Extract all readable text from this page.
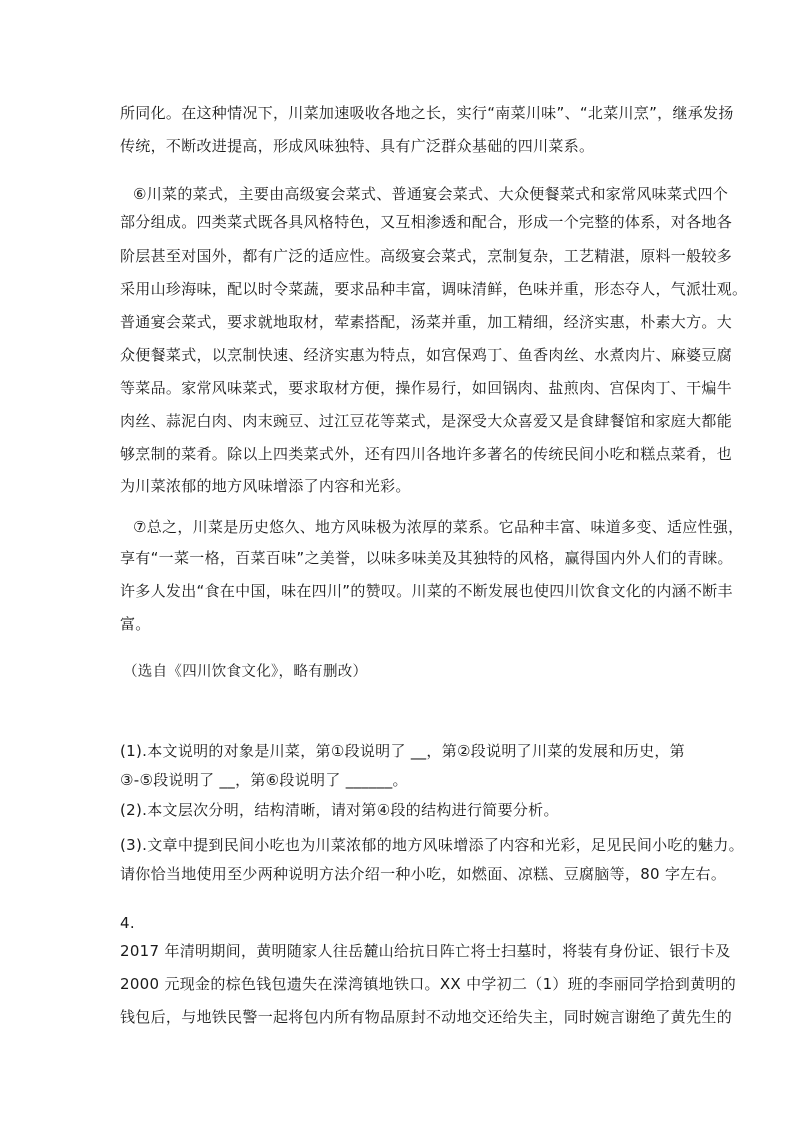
所同化。在这种情况下，川菜加速吸收各地之长，实行“南菜川味”、“北菜川烹”，继承发扬
传统，不断改进提高，形成风味独特、具有广泛群众基础的四川菜系。
⑥川菜的菜式，主要由高级宴会菜式、普通宴会菜式、大众便餐菜式和家常风味菜式四个
部分组成。四类菜式既各具风格特色，又互相渗透和配合，形成一个完整的体系，对各地各
阶层甚至对国外，都有广泛的适应性。高级宴会菜式，烹制复杂，工艺精湛，原料一般较多
采用山珍海味，配以时令菜蔬，要求品种丰富，调味清鲜，色味并重，形态夺人，气派壮观。
普通宴会菜式，要求就地取材，荤素搭配，汤菜并重，加工精细，经济实惠，朴素大方。大
众便餐菜式，以烹制快速、经济实惠为特点，如宫保鸡丁、鱼香肉丝、水煮肉片、麻婆豆腐
等菜品。家常风味菜式，要求取材方便，操作易行，如回锅肉、盐煎肉、宫保肉丁、干煸牛
肉丝、蒜泥白肉、肉末豌豆、过江豆花等菜式，是深受大众喜爱又是食肆餐馆和家庭大都能
够烹制的菜肴。除以上四类菜式外，还有四川各地许多著名的传统民间小吃和糕点菜肴，也
为川菜浓郁的地方风味增添了内容和光彩。
⑦总之，川菜是历史悠久、地方风味极为浓厚的菜系。它品种丰富、味道多变、适应性强，
享有“一菜一格，百菜百味”之美誉，以味多味美及其独特的风格，赢得国内外人们的青睐。
许多人发出“食在中国，味在四川”的赞叹。川菜的不断发展也使四川饮食文化的内涵不断丰
富。
（选自《四川饮食文化》，略有删改）
(1).本文说明的对象是川菜，第①段说明了 __，第②段说明了川菜的发展和历史，第
③-⑤段说明了 __，第⑥段说明了 ______。
(2).本文层次分明，结构清晰，请对第④段的结构进行简要分析。
(3).文章中提到民间小吃也为川菜浓郁的地方风味增添了内容和光彩，足见民间小吃的魅力。
请你恰当地使用至少两种说明方法介绍一种小吃，如燃面、凉糕、豆腐脑等，80 字左右。
4.
2017 年清明期间，黄明随家人往岳麓山给抗日阵亡将士扫墓时，将装有身份证、银行卡及
2000 元现金的棕色钱包遗失在溁湾镇地铁口。XX 中学初二（1）班的李丽同学拾到黄明的
钱包后，与地铁民警一起将包内所有物品原封不动地交还给失主，同时婉言谢绝了黄先生的
